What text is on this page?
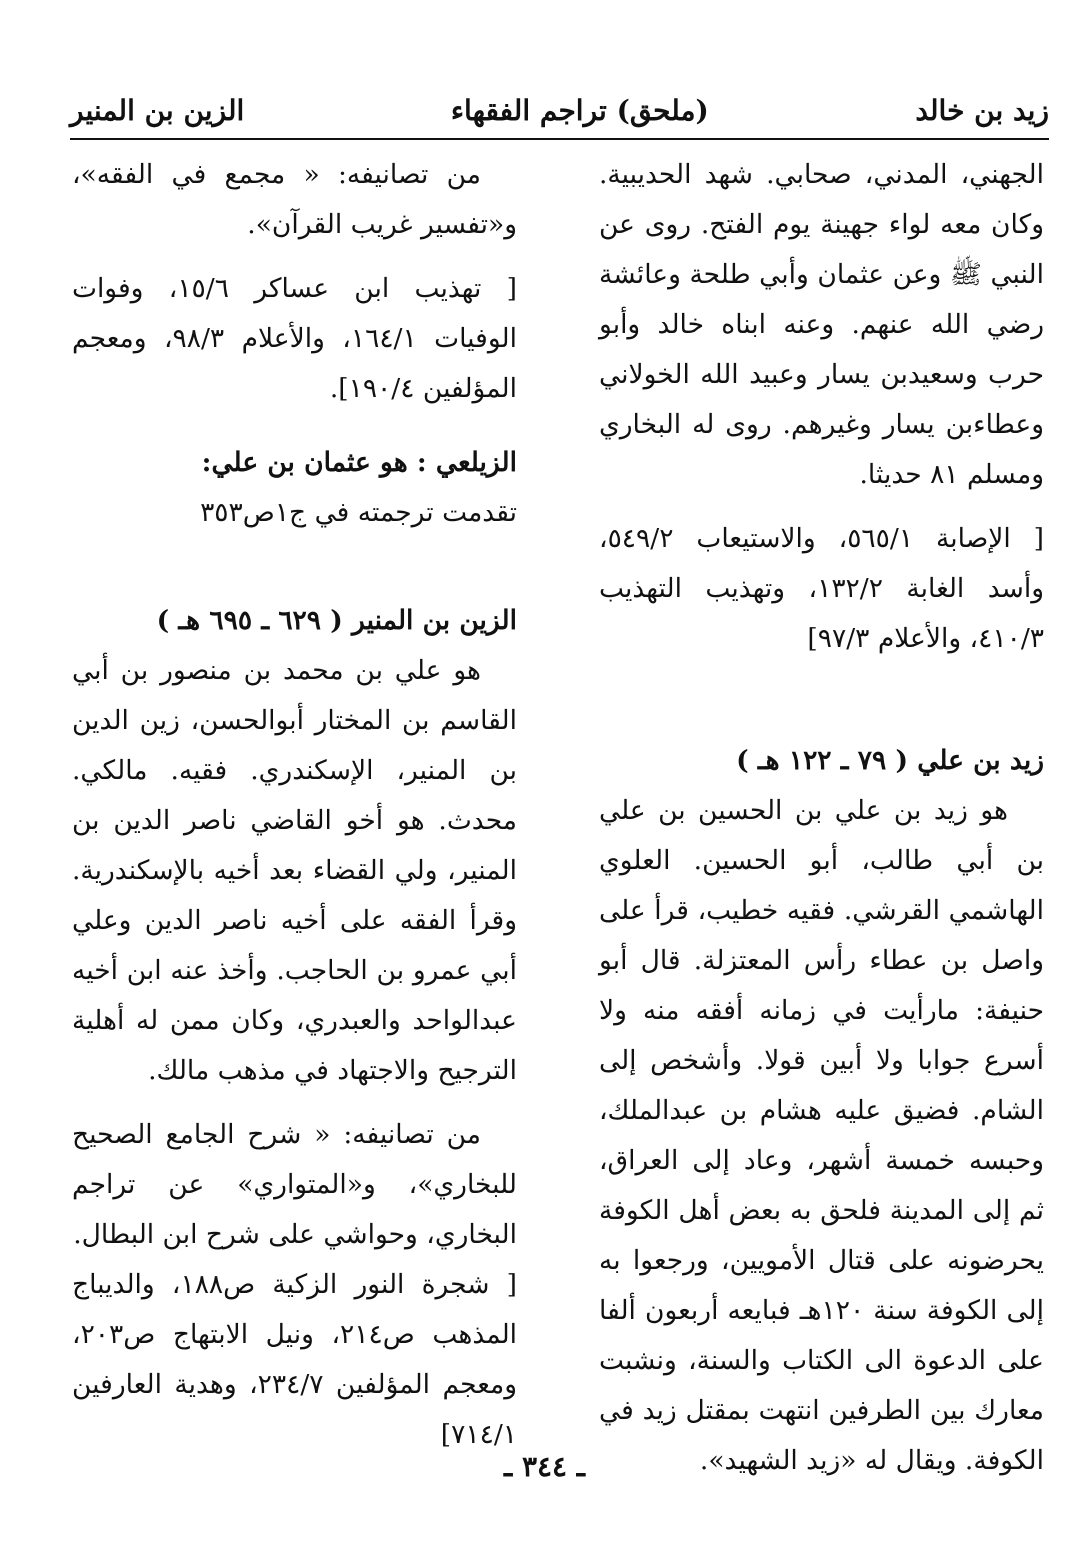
زيد بن خالد
(ملحق) تراجم الفقهاء
الزين بن المنير

الجهني، المدني، صحابي. شهد الحديبية. وكان معه لواء جهينة يوم الفتح. روى عن النبي ﷺ وعن عثمان وأبي طلحة وعائشة رضي الله عنهم. وعنه ابناه خالد وأبو حرب وسعيدبن يسار وعبيد الله الخولاني وعطاءبن يسار وغيرهم. روى له البخاري ومسلم ٨١ حديثا.

[ الإصابة ٥٦٥/١، والاستيعاب ٥٤٩/٢، وأسد الغابة ١٣٢/٢، وتهذيب التهذيب ٤١٠/٣، والأعلام ٩٧/٣]

زيد بن علي ( ٧٩ ـ ١٢٢ هـ )

هو زيد بن علي بن الحسين بن علي بن أبي طالب، أبو الحسين. العلوي الهاشمي القرشي. فقيه خطيب، قرأ على واصل بن عطاء رأس المعتزلة. قال أبو حنيفة: مارأيت في زمانه أفقه منه ولا أسرع جوابا ولا أبين قولا. وأشخص إلى الشام. فضيق عليه هشام بن عبدالملك، وحبسه خمسة أشهر، وعاد إلى العراق، ثم إلى المدينة فلحق به بعض أهل الكوفة يحرضونه على قتال الأمويين، ورجعوا به إلى الكوفة سنة ١٢٠هـ فبايعه أربعون ألفا على الدعوة الى الكتاب والسنة، ونشبت معارك بين الطرفين انتهت بمقتل زيد في الكوفة. ويقال له «زيد الشهيد».

من تصانيفه: « مجمع في الفقه»، و«تفسير غريب القرآن».

[ تهذيب ابن عساكر ١٥/٦، وفوات الوفيات ١٦٤/١، والأعلام ٩٨/٣، ومعجم المؤلفين ١٩٠/٤].

الزيلعي : هو عثمان بن علي:

تقدمت ترجمته في ج١ص٣٥٣

الزين بن المنير ( ٦٢٩ ـ ٦٩٥ هـ )

هو علي بن محمد بن منصور بن أبي القاسم بن المختار أبوالحسن، زين الدين بن المنير، الإسكندري. فقيه. مالكي. محدث. هو أخو القاضي ناصر الدين بن المنير، ولي القضاء بعد أخيه بالإسكندرية. وقرأ الفقه على أخيه ناصر الدين وعلي أبي عمرو بن الحاجب. وأخذ عنه ابن أخيه عبدالواحد والعبدري، وكان ممن له أهلية الترجيح والاجتهاد في مذهب مالك.

من تصانيفه: « شرح الجامع الصحيح للبخاري»، و«المتواري» عن تراجم البخاري، وحواشي على شرح ابن البطال.

[ شجرة النور الزكية ص١٨٨، والديباج المذهب ص٢١٤، ونيل الابتهاج ص٢٠٣، ومعجم المؤلفين ٢٣٤/٧، وهدية العارفين ٧١٤/١]

ـ ٣٤٤ ـ
